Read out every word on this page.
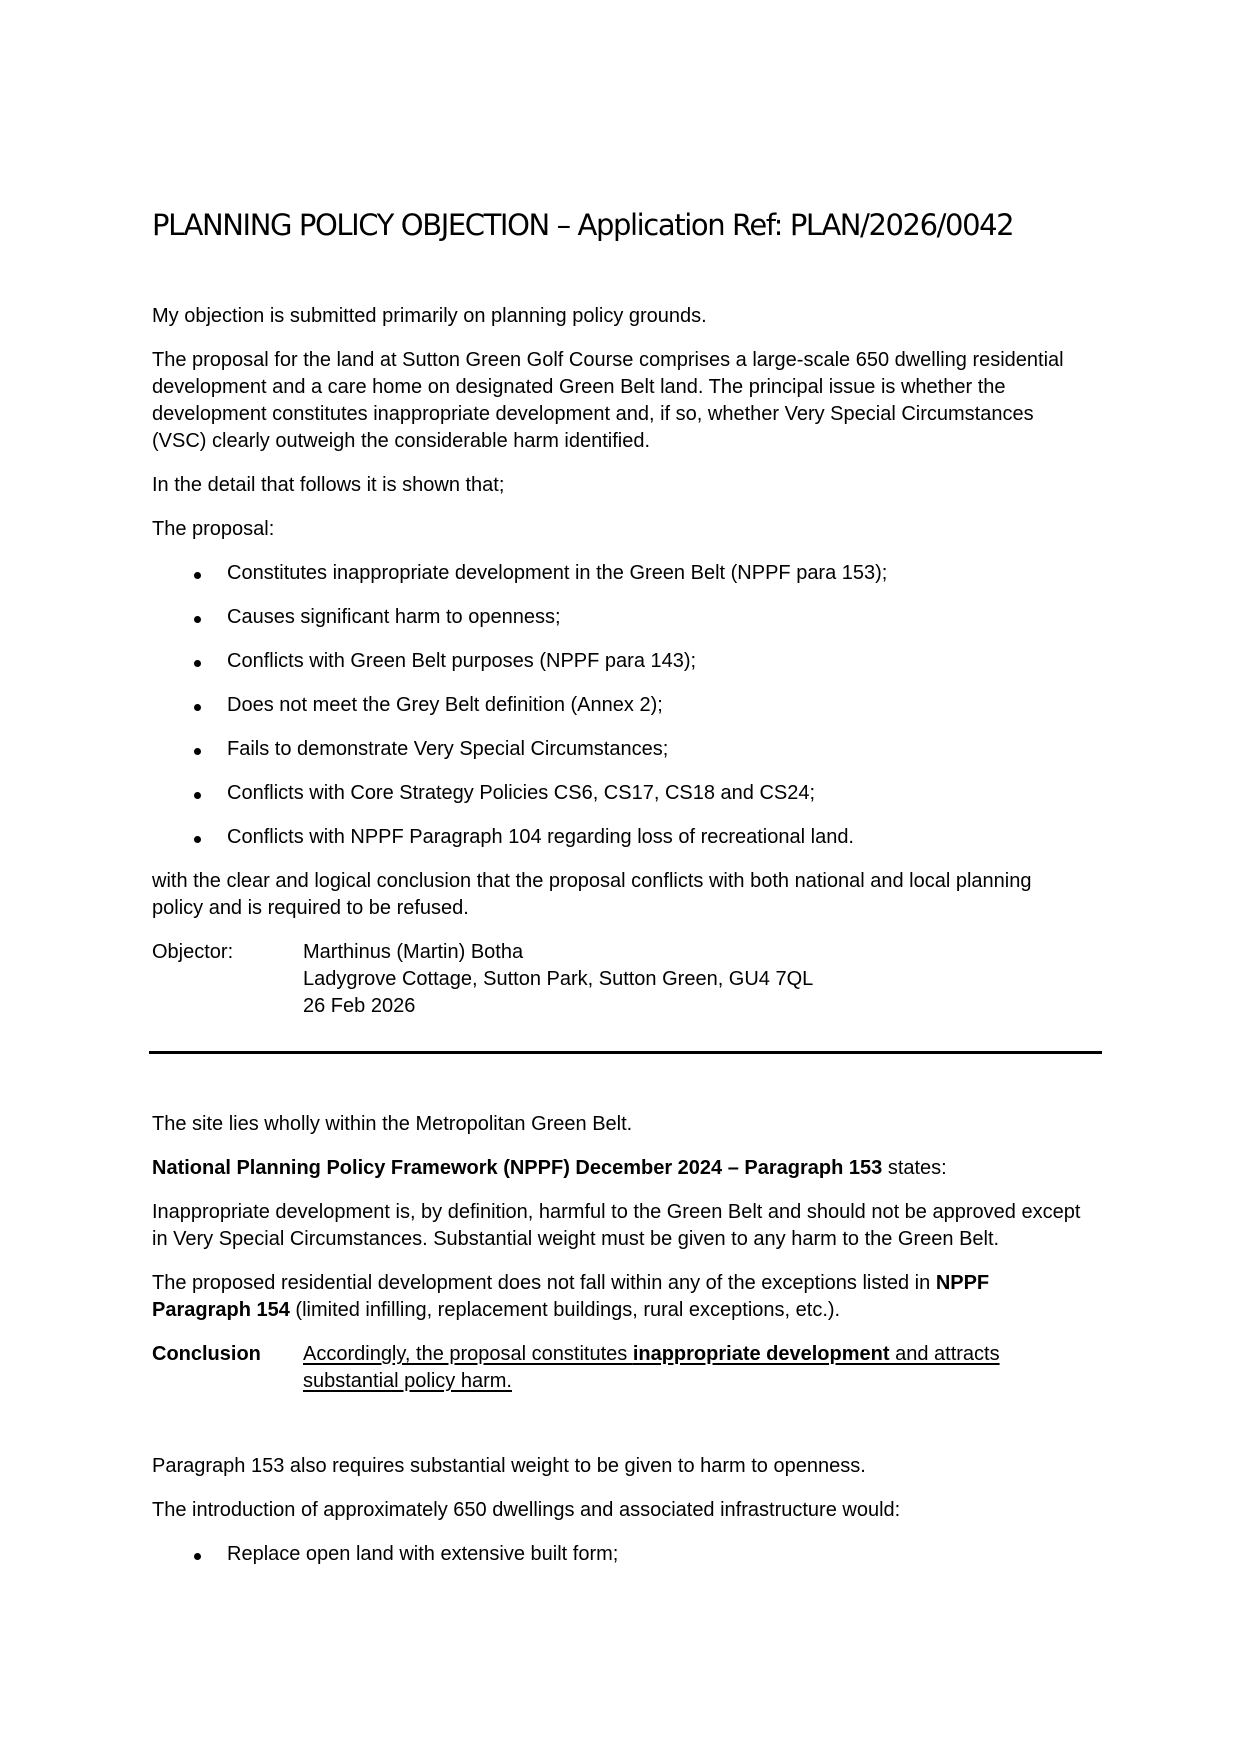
PLANNING POLICY OBJECTION – Application Ref: PLAN/2026/0042

My objection is submitted primarily on planning policy grounds.

The proposal for the land at Sutton Green Golf Course comprises a large-scale 650 dwelling residential development and a care home on designated Green Belt land. The principal issue is whether the development constitutes inappropriate development and, if so, whether Very Special Circumstances (VSC) clearly outweigh the considerable harm identified.

In the detail that follows it is shown that;

The proposal:

Constitutes inappropriate development in the Green Belt (NPPF para 153);
Causes significant harm to openness;
Conflicts with Green Belt purposes (NPPF para 143);
Does not meet the Grey Belt definition (Annex 2);
Fails to demonstrate Very Special Circumstances;
Conflicts with Core Strategy Policies CS6, CS17, CS18 and CS24;
Conflicts with NPPF Paragraph 104 regarding loss of recreational land.

with the clear and logical conclusion that the proposal conflicts with both national and local planning policy and is required to be refused.

Objector:	Marthinus (Martin) Botha
Ladygrove Cottage, Sutton Park, Sutton Green, GU4 7QL
26 Feb 2026

The site lies wholly within the Metropolitan Green Belt.

National Planning Policy Framework (NPPF) December 2024 – Paragraph 153 states:

Inappropriate development is, by definition, harmful to the Green Belt and should not be approved except in Very Special Circumstances. Substantial weight must be given to any harm to the Green Belt.

The proposed residential development does not fall within any of the exceptions listed in NPPF Paragraph 154 (limited infilling, replacement buildings, rural exceptions, etc.).

Conclusion	Accordingly, the proposal constitutes inappropriate development and attracts substantial policy harm.

Paragraph 153 also requires substantial weight to be given to harm to openness.

The introduction of approximately 650 dwellings and associated infrastructure would:

Replace open land with extensive built form;
